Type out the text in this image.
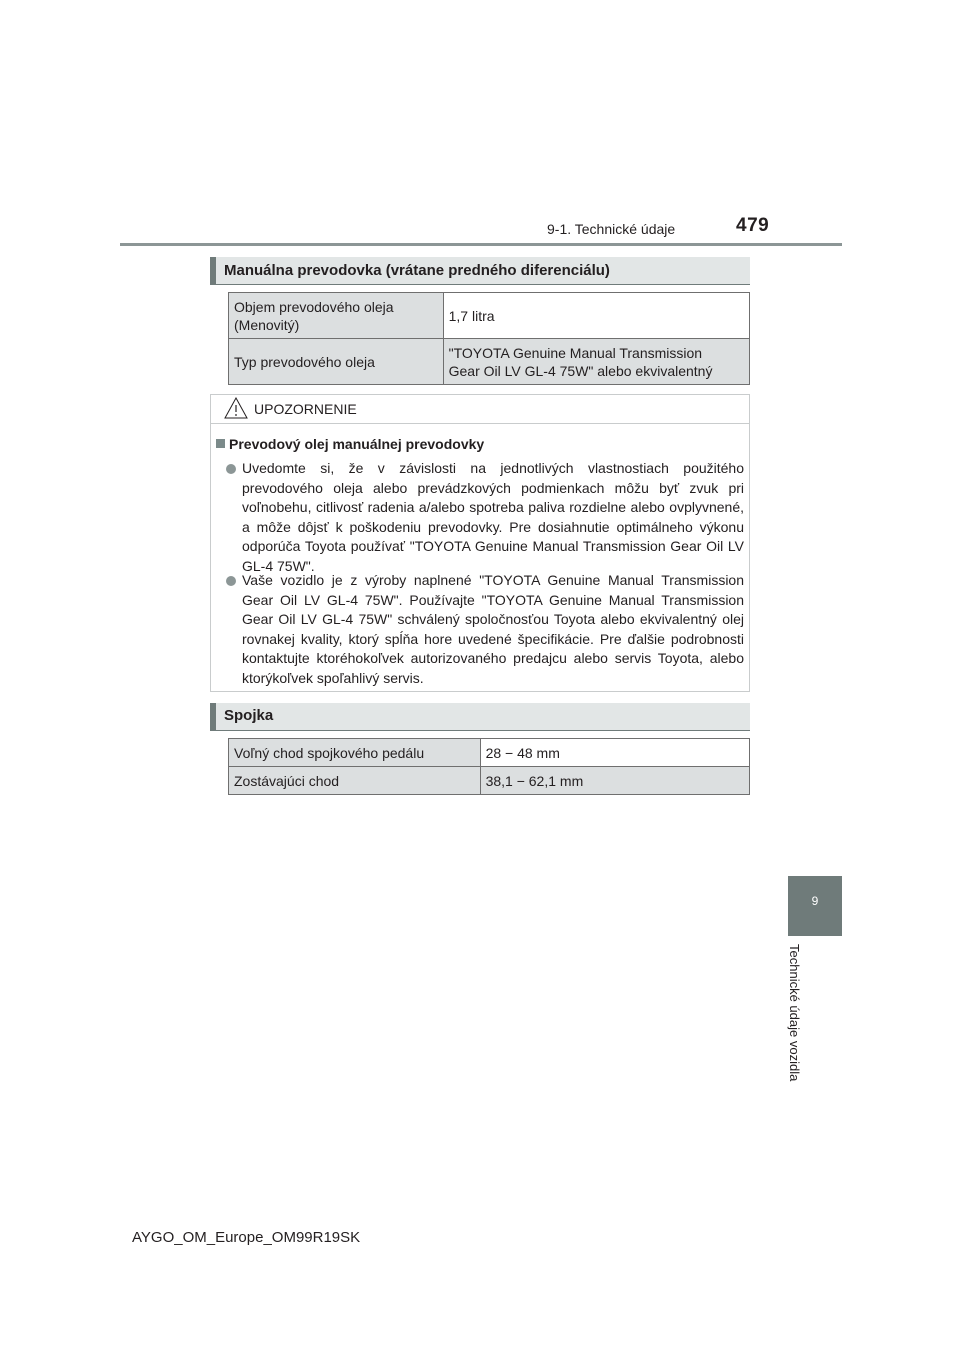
9-1. Technické údaje	479
9
Technické údaje vozidla
Manuálna prevodovka (vrátane predného diferenciálu)
Objem prevodového oleja
(Menovitý)	1,7 litra
Typ prevodového oleja	"TOYOTA Genuine Manual Transmission
Gear Oil LV GL-4 75W" alebo ekvivalentný
UPOZORNENIE
Prevodový olej manuálnej prevodovky
Uvedomte si, že v závislosti na jednotlivých vlastnostiach použitého prevodového oleja alebo prevádzkových podmienkach môžu byť zvuk pri voľnobehu, citlivosť radenia a/alebo spotreba paliva rozdielne alebo ovplyvnené, a môže dôjsť k poškodeniu prevodovky. Pre dosiahnutie optimálneho výkonu odporúča Toyota používať "TOYOTA Genuine Manual Transmission Gear Oil LV GL-4 75W".
Vaše vozidlo je z výroby naplnené "TOYOTA Genuine Manual Transmission Gear Oil LV GL-4 75W". Používajte "TOYOTA Genuine Manual Transmission Gear Oil LV GL-4 75W" schválený spoločnosťou Toyota alebo ekvivalentný olej rovnakej kvality, ktorý spĺňa hore uvedené špecifikácie. Pre ďalšie podrobnosti kontaktujte ktoréhokoľvek autorizovaného predajcu alebo servis Toyota, alebo ktorýkoľvek spoľahlivý servis.
Spojka
Voľný chod spojkového pedálu	28 − 48 mm
Zostávajúci chod	38,1 − 62,1 mm
AYGO_OM_Europe_OM99R19SK
